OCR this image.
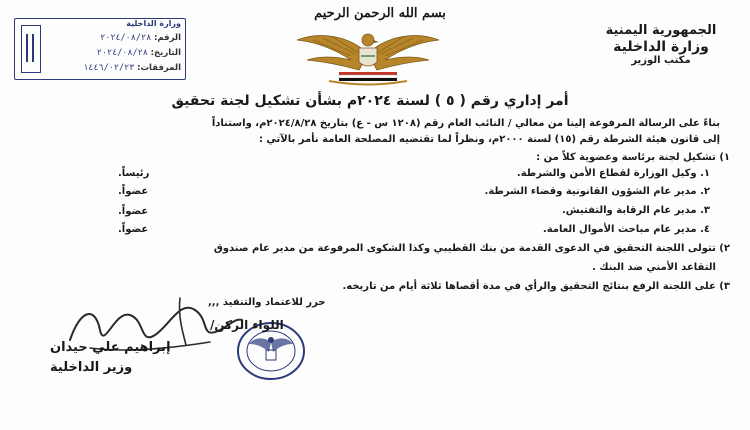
الجمهورية اليمنية
وزارة الداخلية
مكتب الوزير
بسم الله الرحمن الرحيم
وزارة الداخلية
الرقم: ٢٠٢٤/٠٨/٢٨
التاريخ: ٢٠٢٤/٠٨/٢٨
المرفقات: ١٤٤٦/٠٢/٢٣
أمر إداري رقم ( ٥ ) لسنة ٢٠٢٤م بشأن تشكيل لجنة تحقيق
بناءً على الرسالة المرفوعة إلينا من معالي / النائب العام رقم (١٢٠٨ س - ع) بتاريخ ٢٠٢٤/٨/٢٨م، واستناداً
إلى قانون هيئة الشرطة رقم (١٥) لسنة ٢٠٠٠م، ونظراً لما تقتضيه المصلحة العامة نأمر بالآتي :
١) تشكيل لجنة برئاسة وعضوية كلاً من :
١. وكيل الوزارة لقطاع الأمن والشرطة.
رئيساً.
٢. مدير عام الشؤون القانونية وقضاء الشرطة.
عضواً.
٣. مدير عام الرقابة والتفتيش.
عضواً.
٤. مدير عام مباحث الأموال العامة.
عضواً.
٢) تتولى اللجنة التحقيق في الدعوى القدمة من بنك القطيبي وكذا الشكوى المرفوعة من مدير عام صندوق
التقاعد الأمني ضد البنك .
٣) على اللجنة الرفع بنتائج التحقيق والرأي في مدة أقصاها ثلاثة أيام من تاريخه.
حرر للاعتماد والتنفيذ ,,,
اللواء الركن/
إبراهيم علي حيدان
وزير الداخلية
